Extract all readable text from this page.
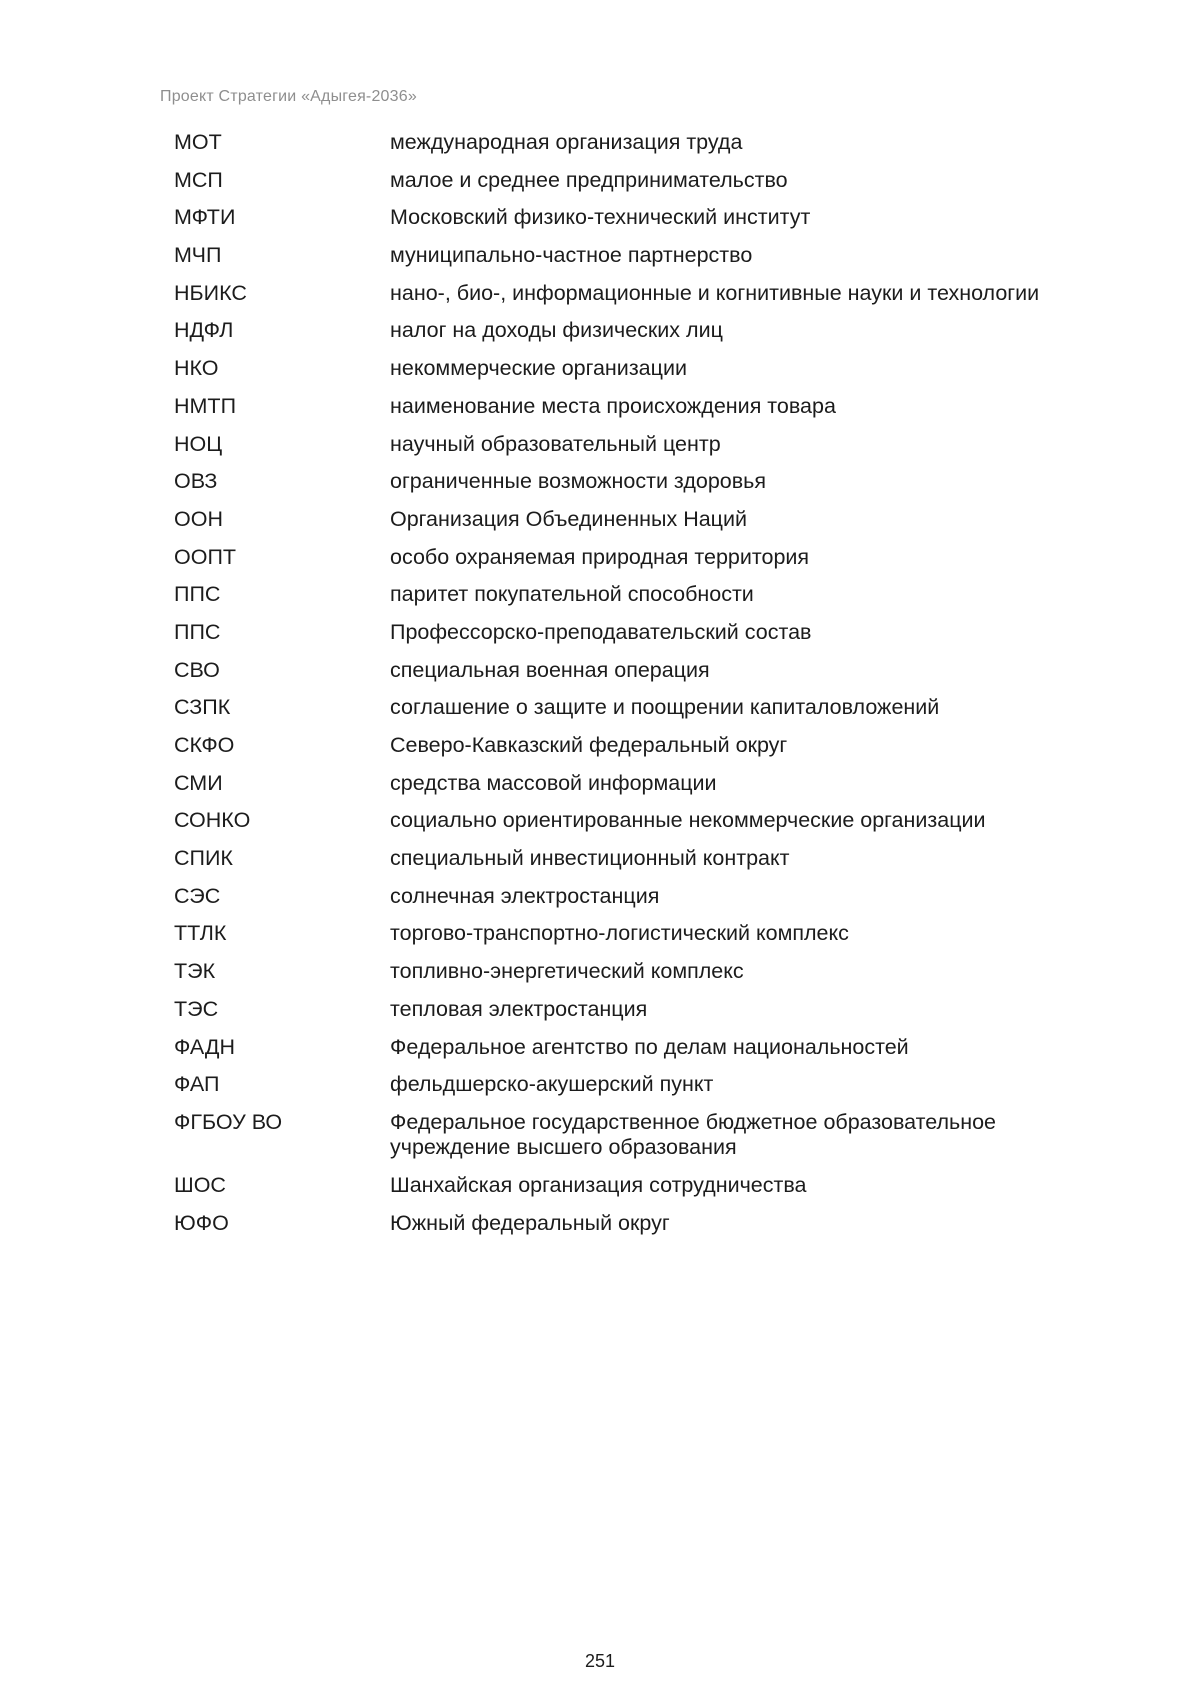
Проект Стратегии «Адыгея-2036»
МОТ	международная организация труда
МСП	малое и среднее предпринимательство
МФТИ	Московский физико-технический институт
МЧП	муниципально-частное партнерство
НБИКС	нано-, био-, информационные и когнитивные науки и технологии
НДФЛ	налог на доходы физических лиц
НКО	некоммерческие организации
НМТП	наименование места происхождения товара
НОЦ	научный образовательный центр
ОВЗ	ограниченные возможности здоровья
ООН	Организация Объединенных Наций
ООПТ	особо охраняемая природная территория
ППС	паритет покупательной способности
ППС	Профессорско-преподавательский состав
СВО	специальная военная операция
СЗПК	соглашение о защите и поощрении капиталовложений
СКФО	Северо-Кавказский федеральный округ
СМИ	средства массовой информации
СОНКО	социально ориентированные некоммерческие организации
СПИК	специальный инвестиционный контракт
СЭС	солнечная электростанция
ТТЛК	торгово-транспортно-логистический комплекс
ТЭК	топливно-энергетический комплекс
ТЭС	тепловая электростанция
ФАДН	Федеральное агентство по делам национальностей
ФАП	фельдшерско-акушерский пункт
ФГБОУ ВО	Федеральное государственное бюджетное образовательное учреждение высшего образования
ШОС	Шанхайская организация сотрудничества
ЮФО	Южный федеральный округ
251
